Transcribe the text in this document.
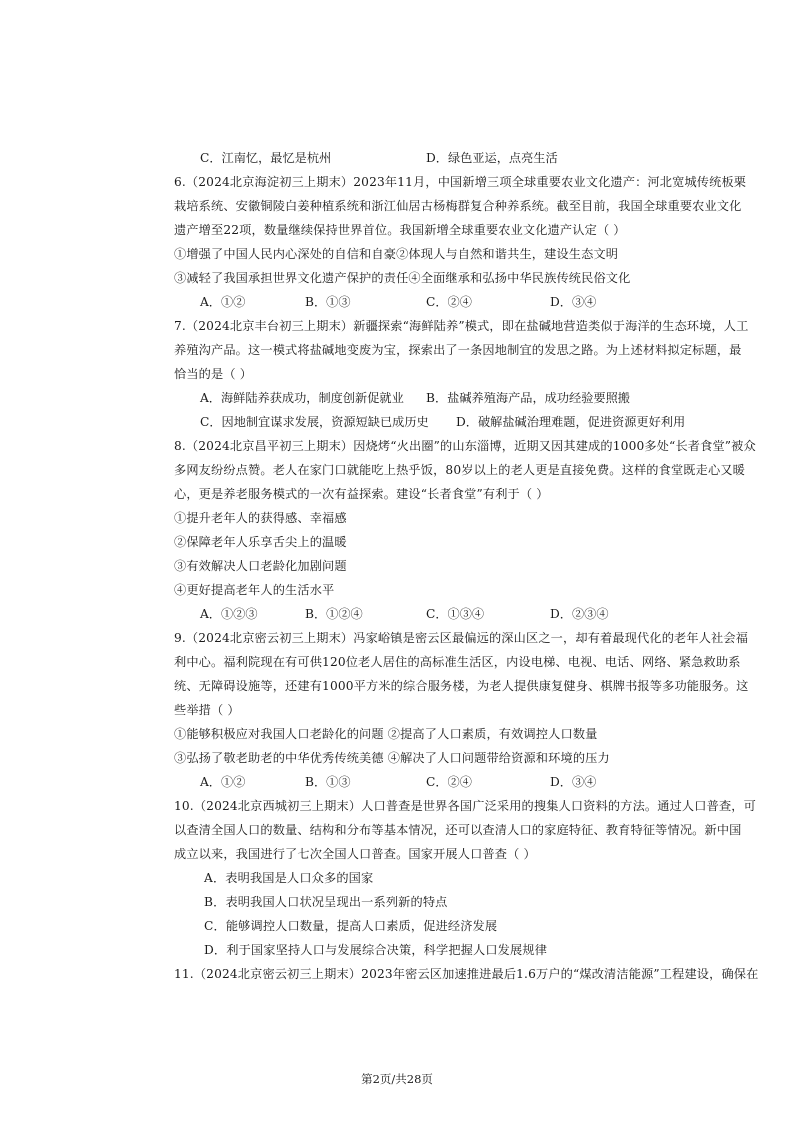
C．江南忆，最忆是杭州	D．绿色亚运，点亮生活
6.（2024北京海淀初三上期末）2023年11月，中国新增三项全球重要农业文化遗产：河北宽城传统板栗
栽培系统、安徽铜陵白姜种植系统和浙江仙居古杨梅群复合种养系统。截至目前，我国全球重要农业文化
遗产增至22项，数量继续保持世界首位。我国新增全球重要农业文化遗产认定（ ）
①增强了中国人民内心深处的自信和自豪②体现人与自然和谐共生，建设生态文明
③减轻了我国承担世界文化遗产保护的责任④全面继承和弘扬中华民族传统民俗文化
A．①②	B．①③	C．②④	D．③④
7.（2024北京丰台初三上期末）新疆探索“海鲜陆养”模式，即在盐碱地营造类似于海洋的生态环境，人工
养殖沟产品。这一模式将盐碱地变废为宝，探索出了一条因地制宜的发思之路。为上述材料拟定标题，最
恰当的是（ ）
A．海鲜陆养获成功，制度创新促就业 B．盐碱养殖海产品，成功经验要照搬
C．因地制宜谋求发展，资源短缺已成历史 D．破解盐碱治理难题，促进资源更好利用
8.（2024北京昌平初三上期末）因烧烤“火出圈”的山东淄博，近期又因其建成的1000多处“长者食堂”被众
多网友纷纷点赞。老人在家门口就能吃上热乎饭，80岁以上的老人更是直接免费。这样的食堂既走心又暖
心，更是养老服务模式的一次有益探索。建设“长者食堂”有利于（ ）
①提升老年人的获得感、幸福感
②保障老年人乐享舌尖上的温暖
③有效解决人口老龄化加剧问题
④更好提高老年人的生活水平
A．①②③	B．①②④	C．①③④	D．②③④
9.（2024北京密云初三上期末）冯家峪镇是密云区最偏远的深山区之一，却有着最现代化的老年人社会福
利中心。福利院现在有可供120位老人居住的高标准生活区，内设电梯、电视、电话、网络、紧急救助系
统、无障碍设施等，还建有1000平方米的综合服务楼，为老人提供康复健身、棋牌书报等多功能服务。这
些举措（ ）
①能够积极应对我国人口老龄化的问题 ②提高了人口素质，有效调控人口数量
③弘扬了敬老助老的中华优秀传统美德 ④解决了人口问题带给资源和环境的压力
A．①②	B．①③	C．②④	D．③④
10.（2024北京西城初三上期末）人口普查是世界各国广泛采用的搜集人口资料的方法。通过人口普查，可
以查清全国人口的数量、结构和分布等基本情况，还可以查清人口的家庭特征、教育特征等情况。新中国
成立以来，我国进行了七次全国人口普查。国家开展人口普查（ ）
A．表明我国是人口众多的国家
B．表明我国人口状况呈现出一系列新的特点
C．能够调控人口数量，提高人口素质，促进经济发展
D．利于国家坚持人口与发展综合决策，科学把握人口发展规律
11.（2024北京密云初三上期末）2023年密云区加速推进最后1.6万户的“煤改清洁能源”工程建设，确保在
第2页/共28页
